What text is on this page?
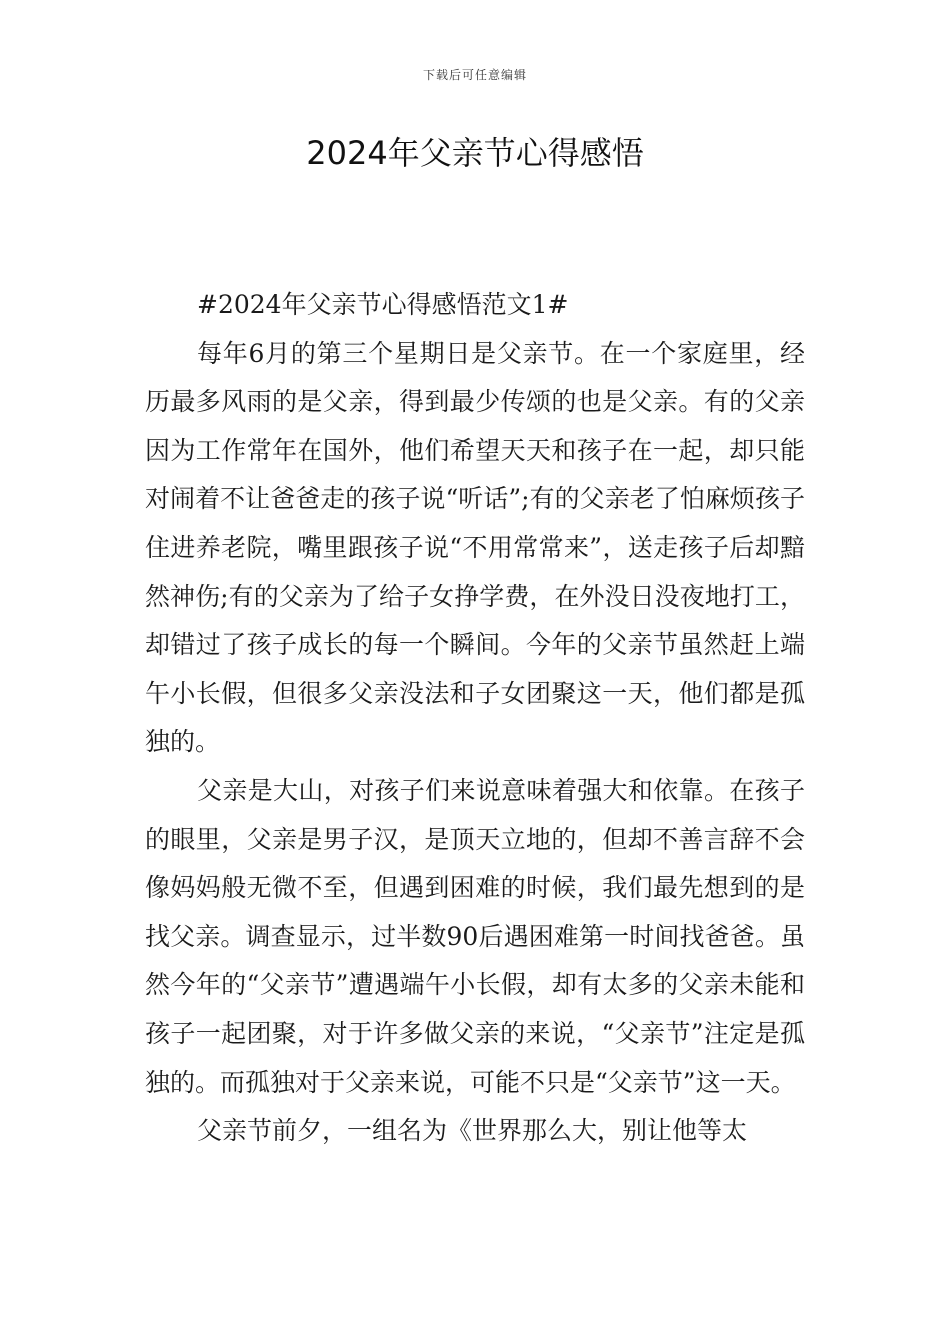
下载后可任意编辑
2024年父亲节心得感悟

#2024年父亲节心得感悟范文1#

每年6月的第三个星期日是父亲节。在一个家庭里，经历最多风雨的是父亲，得到最少传颂的也是父亲。有的父亲因为工作常年在国外，他们希望天天和孩子在一起，却只能对闹着不让爸爸走的孩子说“听话”;有的父亲老了怕麻烦孩子住进养老院，嘴里跟孩子说“不用常常来”，送走孩子后却黯然神伤;有的父亲为了给子女挣学费，在外没日没夜地打工，却错过了孩子成长的每一个瞬间。今年的父亲节虽然赶上端午小长假，但很多父亲没法和子女团聚这一天，他们都是孤独的。

父亲是大山，对孩子们来说意味着强大和依靠。在孩子的眼里，父亲是男子汉，是顶天立地的，但却不善言辞不会像妈妈般无微不至，但遇到困难的时候，我们最先想到的是找父亲。调查显示，过半数90后遇困难第一时间找爸爸。虽然今年的“父亲节”遭遇端午小长假，却有太多的父亲未能和孩子一起团聚，对于许多做父亲的来说，“父亲节”注定是孤独的。而孤独对于父亲来说，可能不只是“父亲节”这一天。

父亲节前夕，一组名为《世界那么大，别让他等太
